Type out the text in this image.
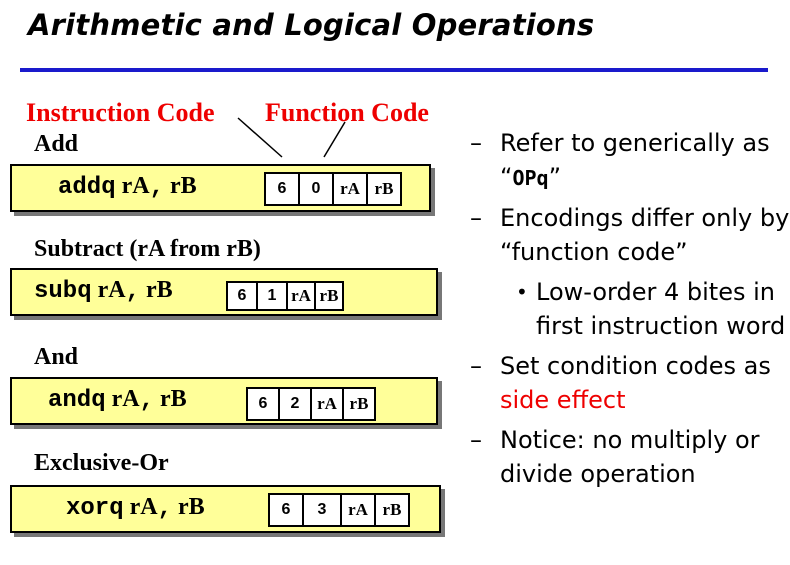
Arithmetic and Logical Operations
Instruction Code Function Code
Add
addq rA, rB	6	0	rA rB
Subtract (rA from rB)
subq rA, rB	6	1 rA rB
And
andq rA, rB	6	2	rA rB
Exclusive-Or
xorq rA, rB	6	3	rA rB
– Refer to generically as “OPq”
– Encodings differ only by “function code”
• Low-order 4 bites in first instruction word
– Set condition codes as side effect
– Notice: no multiply or divide operation
